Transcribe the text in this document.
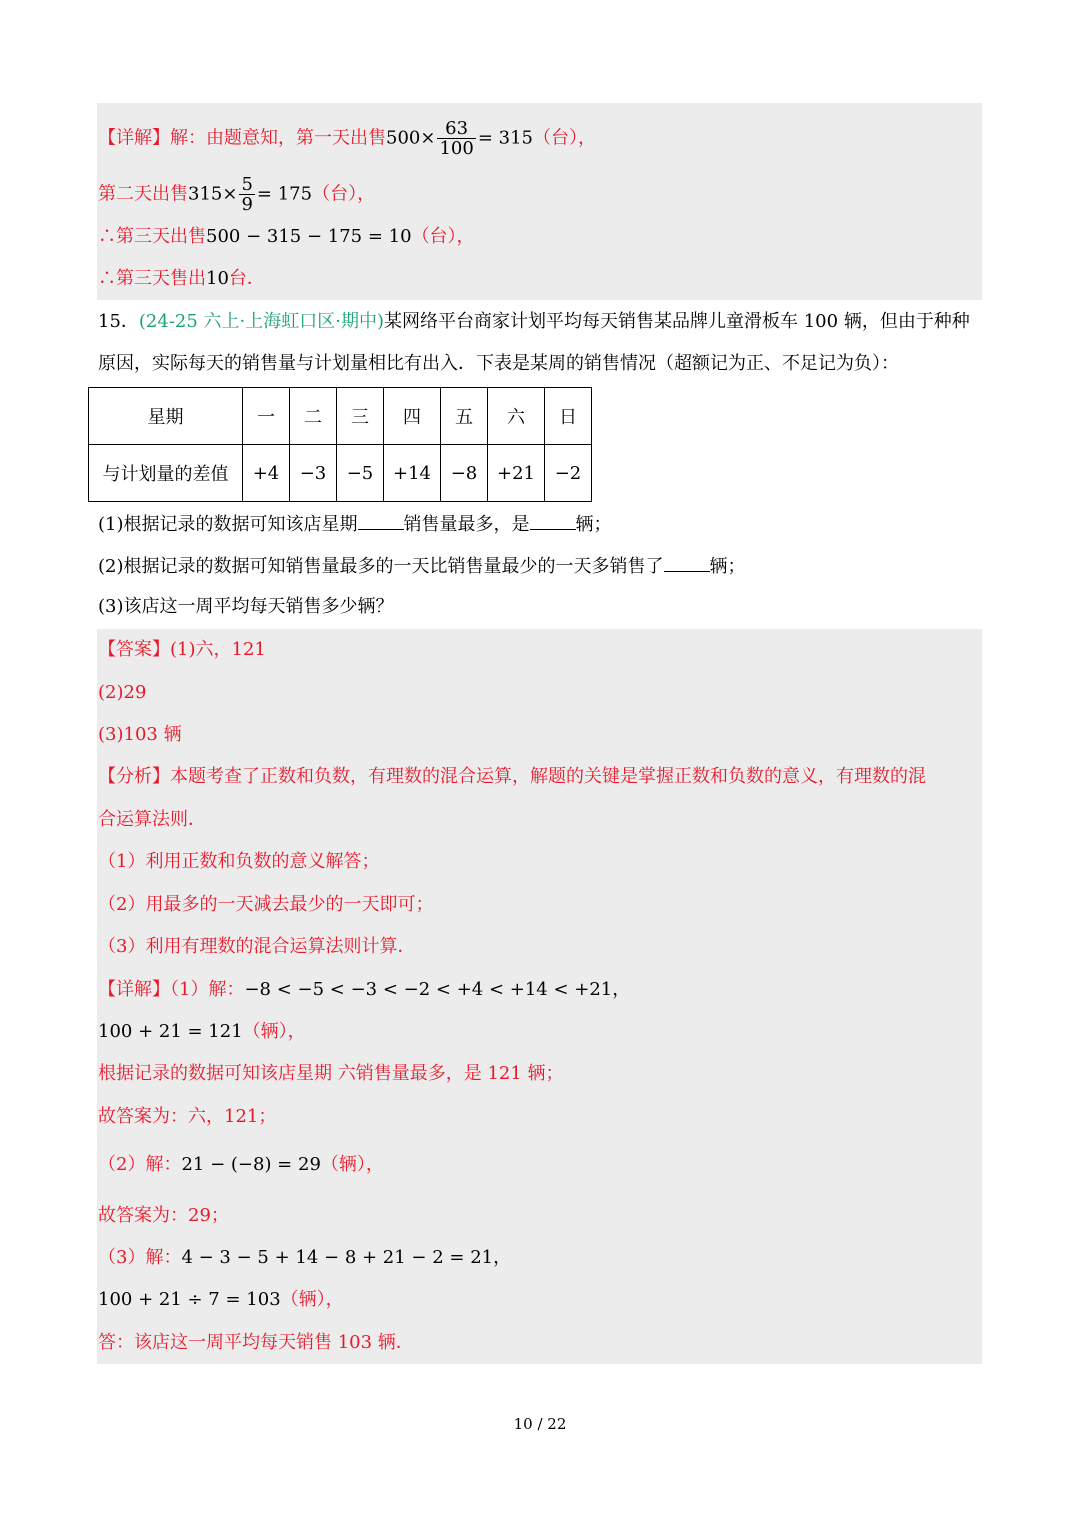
【详解】解：由题意知，第一天出售$500\times \frac{63}{100} = 315$（台），
第二天出售$315\times \frac{5}{9} = 175$（台），
∴第三天出售500 − 315 − 175 = 10（台），
∴第三天售出10台．
15．(24-25 六上·上海虹口区·期中)某网络平台商家计划平均每天销售某品牌儿童滑板车 100 辆，但由于种种
原因，实际每天的销售量与计划量相比有出入．下表是某周的销售情况（超额记为正、不足记为负）：
星期	一	二	三	四	五	六	日
与计划量的差值	+4	−3	−5	+14	−8	+21	−2
(1)根据记录的数据可知该店星期	销售量最多，是	辆；
(2)根据记录的数据可知销售量最多的一天比销售量最少的一天多销售了	辆；
(3)该店这一周平均每天销售多少辆？
【答案】(1)六，121
(2)29
(3)103 辆
【分析】本题考查了正数和负数，有理数的混合运算，解题的关键是掌握正数和负数的意义，有理数的混
合运算法则．
（1）利用正数和负数的意义解答；
（2）用最多的一天减去最少的一天即可；
（3）利用有理数的混合运算法则计算．
【详解】（1）解：−8 < −5 < −3 < −2 < +4 < +14 < +21，
100 + 21 = 121（辆），
根据记录的数据可知该店星期 六销售量最多，是 121 辆；
故答案为：六，121；
（2）解：21 − (−8) = 29（辆），
故答案为：29；
（3）解：4 − 3 − 5 + 14 − 8 + 21 − 2 = 21，
100 + 21 ÷ 7 = 103（辆），
答：该店这一周平均每天销售 103 辆．
10 / 22
